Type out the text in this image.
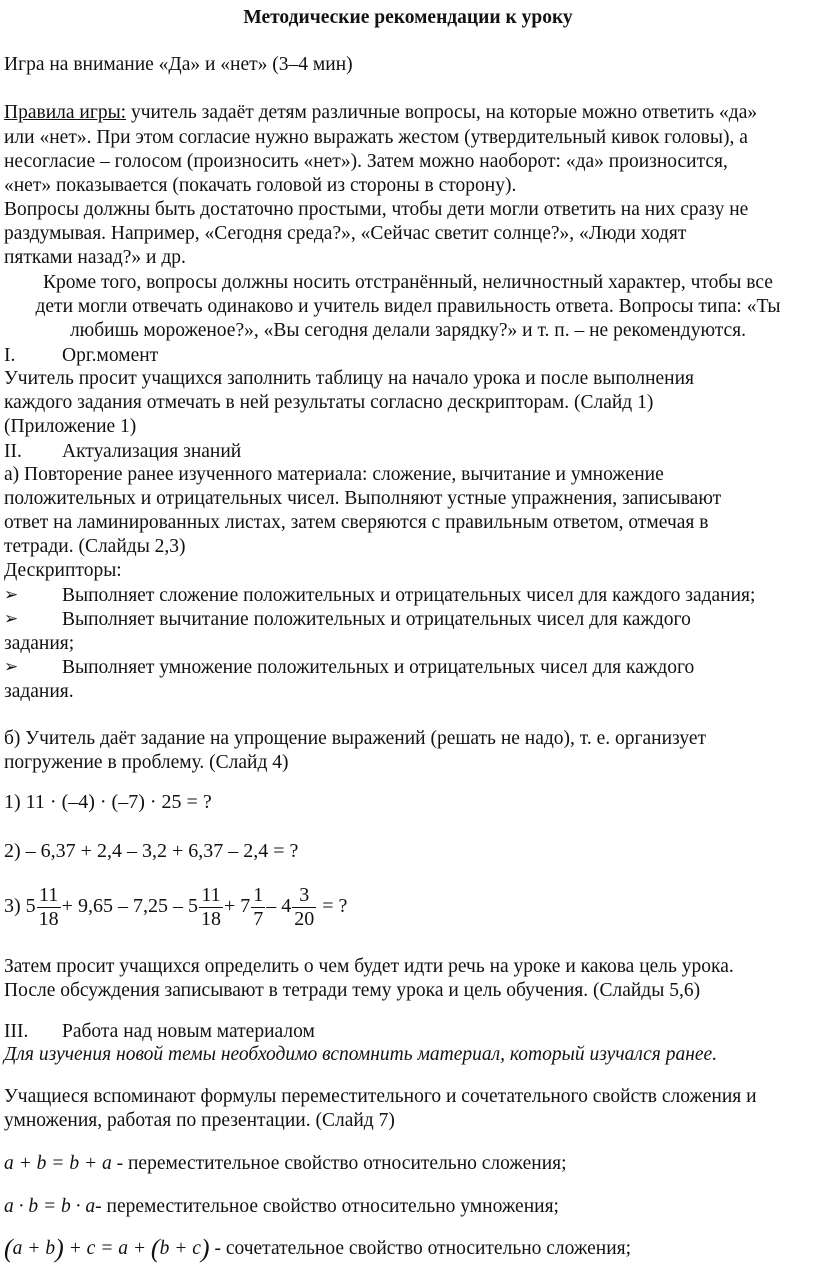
Методические рекомендации к уроку
Игра на внимание «Да» и «нет» (3–4 мин)
Правила игры: учитель задаёт детям различные вопросы, на которые можно ответить «да»
или «нет». При этом согласие нужно выражать жестом (утвердительный кивок головы), а
несогласие – голосом (произносить «нет»). Затем можно наоборот: «да» произносится,
«нет» показывается (покачать головой из стороны в сторону).
Вопросы должны быть достаточно простыми, чтобы дети могли ответить на них сразу не
раздумывая. Например, «Сегодня среда?», «Сейчас светит солнце?», «Люди ходят
пятками назад?» и др.
Кроме того, вопросы должны носить отстранённый, неличностный характер, чтобы все
дети могли отвечать одинаково и учитель видел правильность ответа. Вопросы типа: «Ты
любишь мороженое?», «Вы сегодня делали зарядку?» и т. п. – не рекомендуются.
I. Орг.момент
Учитель просит учащихся заполнить таблицу на начало урока и после выполнения
каждого задания отмечать в ней результаты согласно дескрипторам. (Слайд 1)
(Приложение 1)
II. Актуализация знаний
а) Повторение ранее изученного материала: сложение, вычитание и умножение
положительных и отрицательных чисел. Выполняют устные упражнения, записывают
ответ на ламинированных листах, затем сверяются с правильным ответом, отмечая в
тетради. (Слайды 2,3)
Дескрипторы:
➢ Выполняет сложение положительных и отрицательных чисел для каждого задания;
➢ Выполняет вычитание положительных и отрицательных чисел для каждого
задания;
➢ Выполняет умножение положительных и отрицательных чисел для каждого
задания.
б) Учитель даёт задание на упрощение выражений (решать не надо), т. е. организует
погружение в проблему. (Слайд 4)
1) 11 · (–4) · (–7) · 25 = ?
2) – 6,37 + 2,4 – 3,2 + 6,37 – 2,4 = ?
3) $5 \frac{11}{18} + 9,65 - 7,25 - 5 \frac{11}{18} + 7 \frac{1}{7} - 4 \frac{3}{20}$ = ?
Затем просит учащихся определить о чем будет идти речь на уроке и какова цель урока.
После обсуждения записывают в тетради тему урока и цель обучения. (Слайды 5,6)
III. Работа над новым материалом
Для изучения новой темы необходимо вспомнить материал, который изучался ранее.
Учащиеся вспоминают формулы переместительного и сочетательного свойств сложения и
умножения, работая по презентации. (Слайд 7)
a + b = b + a - переместительное свойство относительно сложения;
a · b = b · a- переместительное свойство относительно умножения;
(a + b) + c = a + (b + c) - сочетательное свойство относительно сложения;
